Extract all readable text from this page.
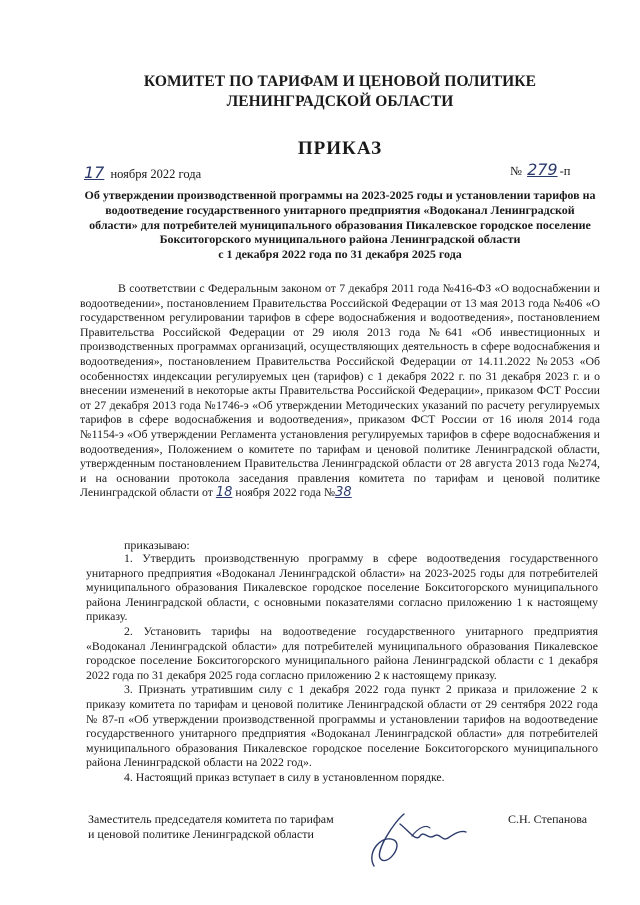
КОМИТЕТ ПО ТАРИФАМ И ЦЕНОВОЙ ПОЛИТИКЕ
ЛЕНИНГРАДСКОЙ ОБЛАСТИ
ПРИКАЗ
17 ноября 2022 года	№ 279 -п
Об утверждении производственной программы на 2023-2025 годы и установлении тарифов на
водоотведение государственного унитарного предприятия «Водоканал Ленинградской
области» для потребителей муниципального образования Пикалевское городское поселение
Бокситогорского муниципального района Ленинградской области
с 1 декабря 2022 года по 31 декабря 2025 года

В соответствии с Федеральным законом от 7 декабря 2011 года №416-ФЗ «О водоснабжении и водоотведении», постановлением Правительства Российской Федерации от 13 мая 2013 года №406 «О государственном регулировании тарифов в сфере водоснабжения и водоотведения», постановлением Правительства Российской Федерации от 29 июля 2013 года №641 «Об инвестиционных и производственных программах организаций, осуществляющих деятельность в сфере водоснабжения и водоотведения», постановлением Правительства Российской Федерации от 14.11.2022 №2053 «Об особенностях индексации регулируемых цен (тарифов) с 1 декабря 2022 г. по 31 декабря 2023 г. и о внесении изменений в некоторые акты Правительства Российской Федерации», приказом ФСТ России от 27 декабря 2013 года №1746-э «Об утверждении Методических указаний по расчету регулируемых тарифов в сфере водоснабжения и водоотведения», приказом ФСТ России от 16 июля 2014 года №1154-э «Об утверждении Регламента установления регулируемых тарифов в сфере водоснабжения и водоотведения», Положением о комитете по тарифам и ценовой политике Ленинградской области, утвержденным постановлением Правительства Ленинградской области от 28 августа 2013 года №274, и на основании протокола заседания правления комитета по тарифам и ценовой политике Ленинградской области от 18 ноября 2022 года №38

приказываю:

1. Утвердить производственную программу в сфере водоотведения государственного унитарного предприятия «Водоканал Ленинградской области» на 2023-2025 годы для потребителей муниципального образования Пикалевское городское поселение Бокситогорского муниципального района Ленинградской области, с основными показателями согласно приложению 1 к настоящему приказу.

2. Установить тарифы на водоотведение государственного унитарного предприятия «Водоканал Ленинградской области» для потребителей муниципального образования Пикалевское городское поселение Бокситогорского муниципального района Ленинградской области с 1 декабря 2022 года по 31 декабря 2025 года согласно приложению 2 к настоящему приказу.

3. Признать утратившим силу с 1 декабря 2022 года пункт 2 приказа и приложение 2 к приказу комитета по тарифам и ценовой политике Ленинградской области от 29 сентября 2022 года № 87-п «Об утверждении производственной программы и установлении тарифов на водоотведение государственного унитарного предприятия «Водоканал Ленинградской области» для потребителей муниципального образования Пикалевское городское поселение Бокситогорского муниципального района Ленинградской области на 2022 год».

4. Настоящий приказ вступает в силу в установленном порядке.

Заместитель председателя комитета по тарифам
и ценовой политике Ленинградской области
С.Н. Степанова
